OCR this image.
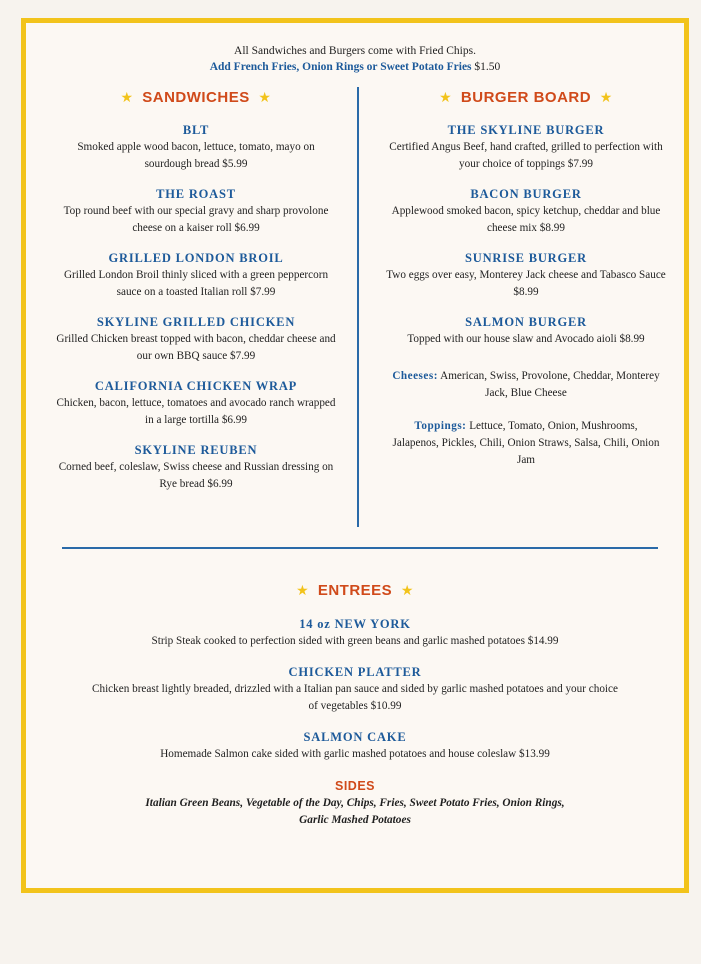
All Sandwiches and Burgers come with Fried Chips.
Add French Fries, Onion Rings or Sweet Potato Fries $1.50
★ SANDWICHES ★
BLT
Smoked apple wood bacon, lettuce, tomato, mayo on sourdough bread $5.99
THE ROAST
Top round beef with our special gravy and sharp provolone cheese on a kaiser roll $6.99
GRILLED LONDON BROIL
Grilled London Broil thinly sliced with a green peppercorn sauce on a toasted Italian roll $7.99
SKYLINE GRILLED CHICKEN
Grilled Chicken breast topped with bacon, cheddar cheese and our own BBQ sauce $7.99
CALIFORNIA CHICKEN WRAP
Chicken, bacon, lettuce, tomatoes and avocado ranch wrapped in a large tortilla $6.99
SKYLINE REUBEN
Corned beef, coleslaw, Swiss cheese and Russian dressing on Rye bread $6.99
★ BURGER BOARD ★
THE SKYLINE BURGER
Certified Angus Beef, hand crafted, grilled to perfection with your choice of toppings $7.99
BACON BURGER
Applewood smoked bacon, spicy ketchup, cheddar and blue cheese mix $8.99
SUNRISE BURGER
Two eggs over easy, Monterey Jack cheese and Tabasco Sauce $8.99
SALMON BURGER
Topped with our house slaw and Avocado aioli $8.99
Cheeses: American, Swiss, Provolone, Cheddar, Monterey Jack, Blue Cheese
Toppings: Lettuce, Tomato, Onion, Mushrooms, Jalapenos, Pickles, Chili, Onion Straws, Salsa, Chili, Onion Jam
★ ENTREES ★
14 oz NEW YORK
Strip Steak cooked to perfection sided with green beans and garlic mashed potatoes $14.99
CHICKEN PLATTER
Chicken breast lightly breaded, drizzled with a Italian pan sauce and sided by garlic mashed potatoes and your choice of vegetables $10.99
SALMON CAKE
Homemade Salmon cake sided with garlic mashed potatoes and house coleslaw $13.99
SIDES
Italian Green Beans, Vegetable of the Day, Chips, Fries, Sweet Potato Fries, Onion Rings, Garlic Mashed Potatoes
